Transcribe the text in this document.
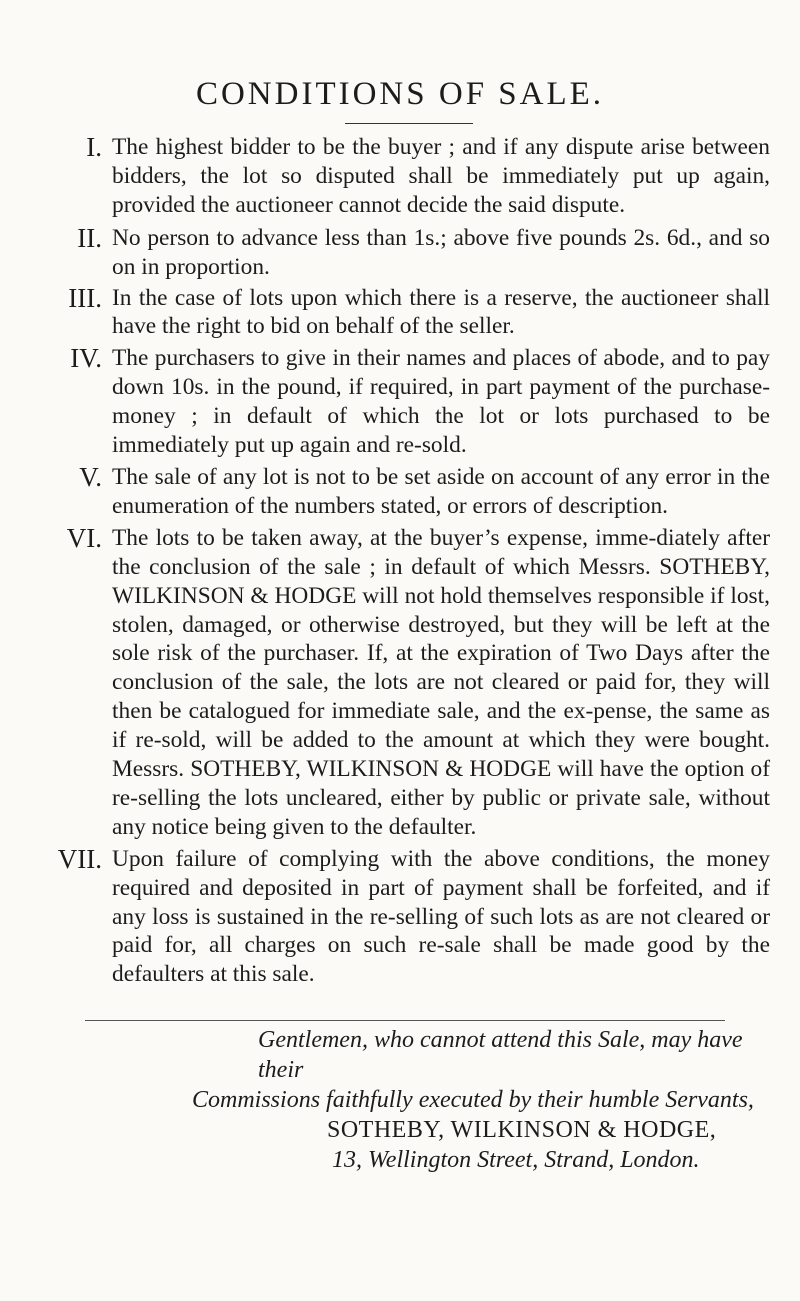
CONDITIONS OF SALE.
I. The highest bidder to be the buyer ; and if any dispute arise between bidders, the lot so disputed shall be immediately put up again, provided the auctioneer cannot decide the said dispute.
II. No person to advance less than 1s.; above five pounds 2s. 6d., and so on in proportion.
III. In the case of lots upon which there is a reserve, the auctioneer shall have the right to bid on behalf of the seller.
IV. The purchasers to give in their names and places of abode, and to pay down 10s. in the pound, if required, in part payment of the purchase-money ; in default of which the lot or lots purchased to be immediately put up again and re-sold.
V. The sale of any lot is not to be set aside on account of any error in the enumeration of the numbers stated, or errors of description.
VI. The lots to be taken away, at the buyer’s expense, imme-diately after the conclusion of the sale ; in default of which Messrs. SOTHEBY, WILKINSON & HODGE will not hold themselves responsible if lost, stolen, damaged, or otherwise destroyed, but they will be left at the sole risk of the purchaser. If, at the expiration of Two Days after the conclusion of the sale, the lots are not cleared or paid for, they will then be catalogued for immediate sale, and the ex-pense, the same as if re-sold, will be added to the amount at which they were bought. Messrs. SOTHEBY, WILKINSON & HODGE will have the option of re-selling the lots uncleared, either by public or private sale, without any notice being given to the defaulter.
VII. Upon failure of complying with the above conditions, the money required and deposited in part of payment shall be forfeited, and if any loss is sustained in the re-selling of such lots as are not cleared or paid for, all charges on such re-sale shall be made good by the defaulters at this sale.
Gentlemen, who cannot attend this Sale, may have their
Commissions faithfully executed by their humble Servants,
SOTHEBY, WILKINSON & HODGE,
13, Wellington Street, Strand, London.
